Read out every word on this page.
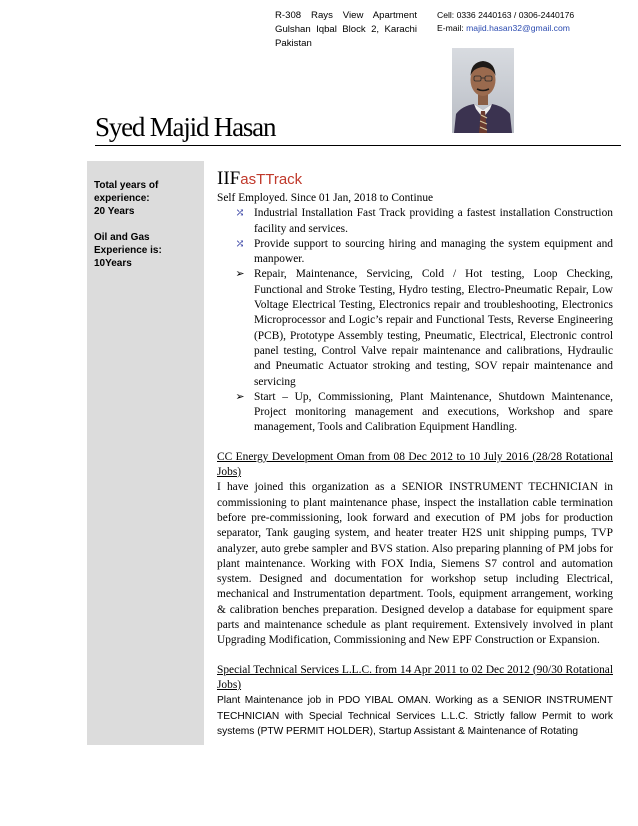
R-308 Rays View Apartment Gulshan Iqbal Block 2, Karachi Pakistan
Cell: 0336 2440163 / 0306-2440176
E-mail: majid.hasan32@gmail.com
Syed Majid Hasan

Total years of experience:

20 Years

Oil and Gas Experience is:

10Years

IIFasTTrack

Self Employed. Since 01 Jan, 2018 to Continue

⤮ Industrial Installation Fast Track providing a fastest installation Construction facility and services.
⤮ Provide support to sourcing hiring and managing the system equipment and manpower.
➢ Repair, Maintenance, Servicing, Cold / Hot testing, Loop Checking, Functional and Stroke Testing, Hydro testing, Electro-Pneumatic Repair, Low Voltage Electrical Testing, Electronics repair and troubleshooting, Electronics Microprocessor and Logic’s repair and Functional Tests, Reverse Engineering (PCB), Prototype Assembly testing, Pneumatic, Electrical, Electronic control panel testing, Control Valve repair maintenance and calibrations, Hydraulic and Pneumatic Actuator stroking and testing, SOV repair maintenance and servicing
➢ Start – Up, Commissioning, Plant Maintenance, Shutdown Maintenance, Project monitoring management and executions, Workshop and spare management, Tools and Calibration Equipment Handling.

CC Energy Development Oman from 08 Dec 2012 to 10 July 2016 (28/28 Rotational Jobs)

I have joined this organization as a SENIOR INSTRUMENT TECHNICIAN in commissioning to plant maintenance phase, inspect the installation cable termination before pre-commissioning, look forward and execution of PM jobs for production separator, Tank gauging system, and heater treater H2S unit shipping pumps, TVP analyzer, auto grebe sampler and BVS station. Also preparing planning of PM jobs for plant maintenance. Working with FOX India, Siemens S7 control and automation system. Designed and documentation for workshop setup including Electrical, mechanical and Instrumentation department. Tools, equipment arrangement, working & calibration benches preparation. Designed develop a database for equipment spare parts and maintenance schedule as plant requirement. Extensively involved in plant Upgrading Modification, Commissioning and New EPF Construction or Expansion.

Special Technical Services L.L.C. from 14 Apr 2011 to 02 Dec 2012 (90/30 Rotational Jobs)

Plant Maintenance job in PDO YIBAL OMAN. Working as a SENIOR INSTRUMENT TECHNICIAN with Special Technical Services L.L.C. Strictly fallow Permit to work systems (PTW PERMIT HOLDER), Startup Assistant & Maintenance of Rotating
